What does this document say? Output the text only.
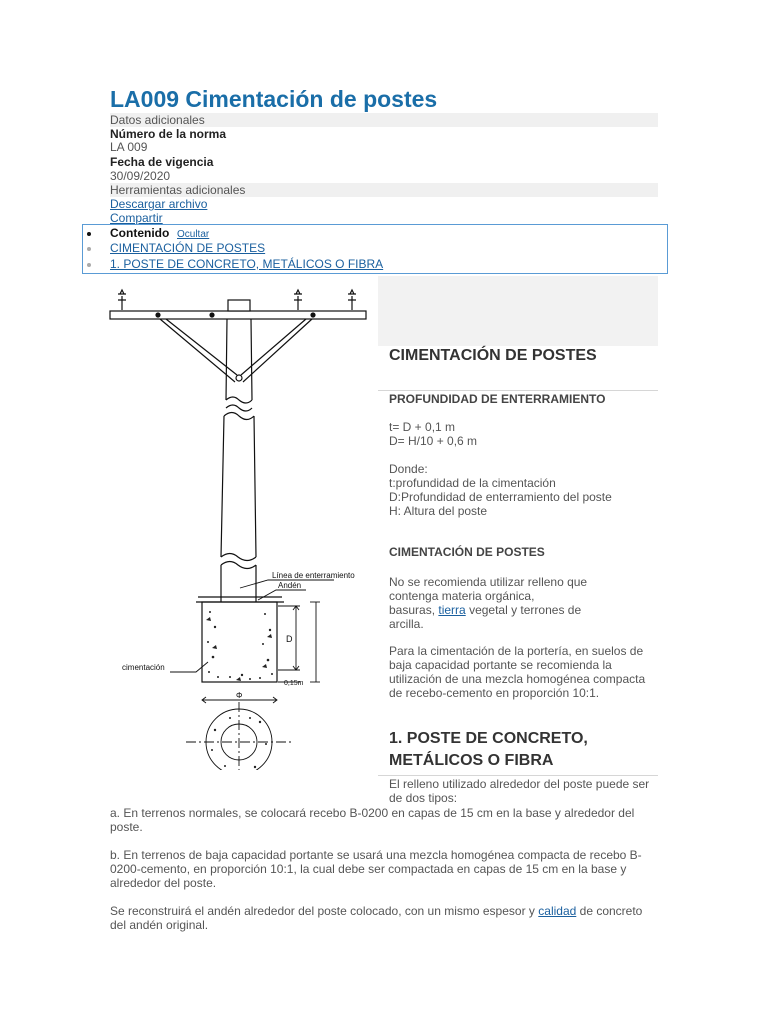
LA009 Cimentación de postes
Datos adicionales
Número de la norma
LA 009
Fecha de vigencia
30/09/2020
Herramientas adicionales
Descargar archivo
Compartir
Contenido Ocultar
CIMENTACIÓN DE POSTES
1. POSTE DE CONCRETO, METÁLICOS O FIBRA
Línea de enterramiento
Andén
cimentación
D
0,15m
Φ
CIMENTACIÓN DE POSTES
PROFUNDIDAD DE ENTERRAMIENTO
t= D + 0,1 m
D= H/10 + 0,6 m
Donde:
t:profundidad de la cimentación
D:Profundidad de enterramiento del poste
H: Altura del poste
CIMENTACIÓN DE POSTES
No se recomienda utilizar relleno que contenga materia orgánica,
basuras, tierra vegetal y terrones de arcilla.
Para la cimentación de la portería, en suelos de baja capacidad portante se recomienda la utilización de una mezcla homogénea compacta de recebo-cemento en proporción 10:1.
1. POSTE DE CONCRETO,
METÁLICOS O FIBRA
El relleno utilizado alrededor del poste puede ser de dos tipos:
a. En terrenos normales, se colocará recebo B-0200 en capas de 15 cm en la base y alrededor del poste.
b. En terrenos de baja capacidad portante se usará una mezcla homogénea compacta de recebo B-0200-cemento, en proporción 10:1, la cual debe ser compactada en capas de 15 cm en la base y alrededor del poste.
Se reconstruirá el andén alrededor del poste colocado, con un mismo espesor y calidad de concreto del andén original.
